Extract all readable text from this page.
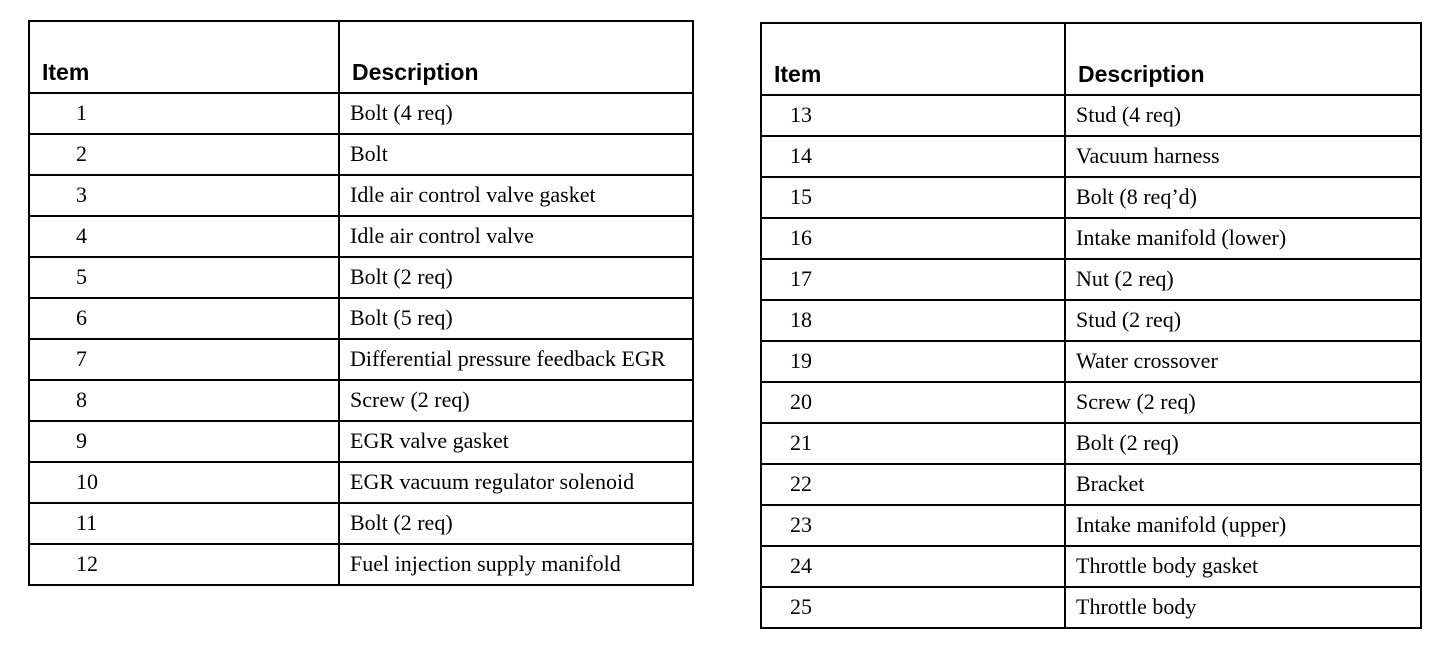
Item	Description
1	Bolt (4 req)
2	Bolt
3	Idle air control valve gasket
4	Idle air control valve
5	Bolt (2 req)
6	Bolt (5 req)
7	Differential pressure feedback EGR
8	Screw (2 req)
9	EGR valve gasket
10	EGR vacuum regulator solenoid
11	Bolt (2 req)
12	Fuel injection supply manifold
Item	Description
13	Stud (4 req)
14	Vacuum harness
15	Bolt (8 req’d)
16	Intake manifold (lower)
17	Nut (2 req)
18	Stud (2 req)
19	Water crossover
20	Screw (2 req)
21	Bolt (2 req)
22	Bracket
23	Intake manifold (upper)
24	Throttle body gasket
25	Throttle body
